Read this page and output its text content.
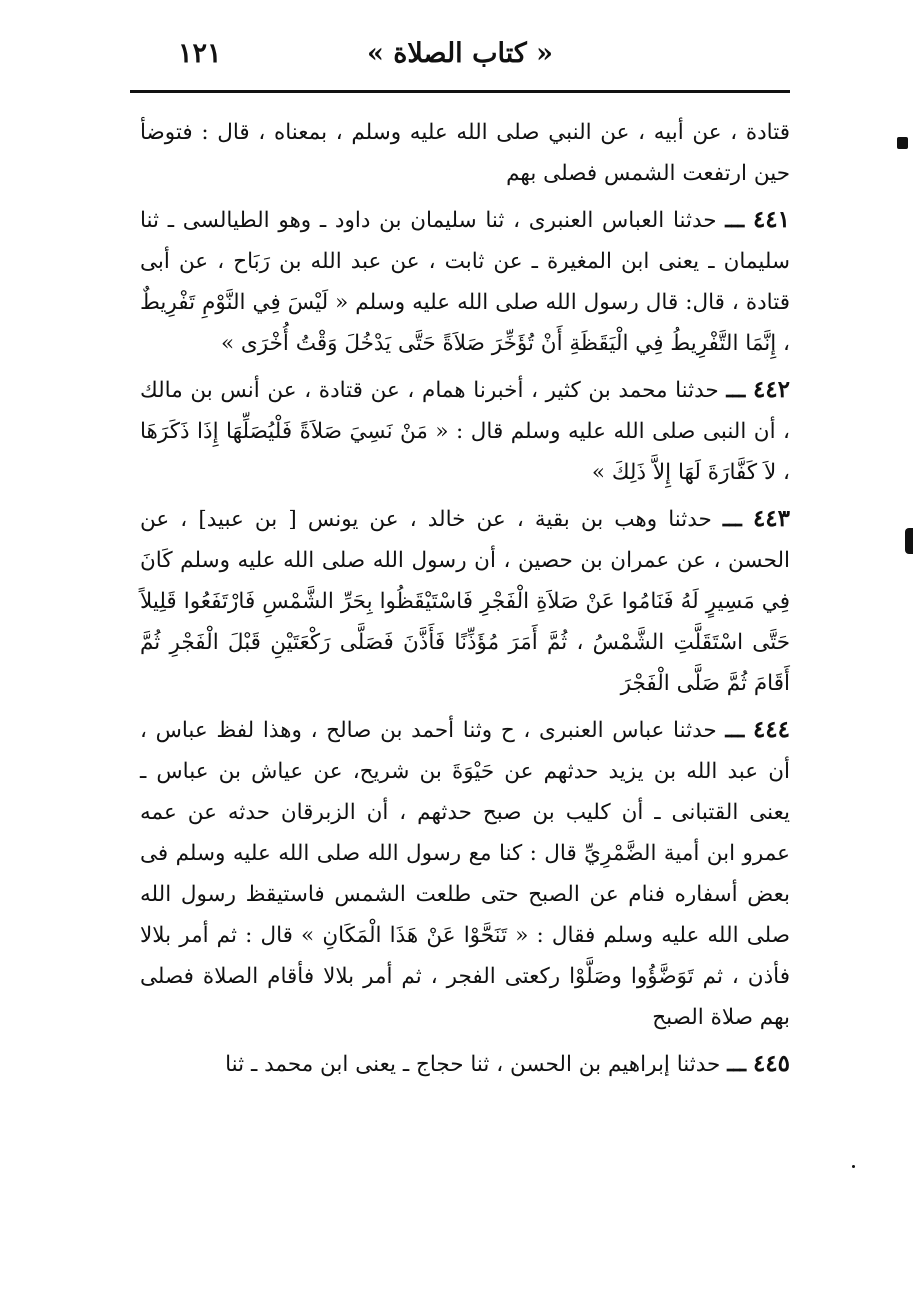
١٢١	« كتاب الصلاة »

قتادة ، عن أبيه ، عن النبي صلى الله عليه وسلم ، بمعناه ، قال : فتوضأ حين ارتفعت الشمس فصلى بهم

٤٤١ ـــ حدثنا العباس العنبرى ، ثنا سليمان بن داود ـ وهو الطيالسى ـ ثنا سليمان ـ يعنى ابن المغيرة ـ عن ثابت ، عن عبد الله بن رَبَاح ، عن أبى قتادة ، قال: قال رسول الله صلى الله عليه وسلم « لَيْسَ فِي النَّوْمِ تَفْرِيطٌ ، إِنَّمَا التَّفْرِيطُ فِي الْيَقَظَةِ أَنْ تُؤَخِّرَ صَلاَةً حَتَّى يَدْخُلَ وَقْتُ أُخْرَى »

٤٤٢ ـــ حدثنا محمد بن كثير ، أخبرنا همام ، عن قتادة ، عن أنس بن مالك ، أن النبى صلى الله عليه وسلم قال : « مَنْ نَسِيَ صَلاَةً فَلْيُصَلِّهَا إِذَا ذَكَرَهَا ، لاَ كَفَّارَةَ لَهَا إِلاَّ ذَلِكَ »

٤٤٣ ـــ حدثنا وهب بن بقية ، عن خالد ، عن يونس [ بن عبيد] ، عن الحسن ، عن عمران بن حصين ، أن رسول الله صلى الله عليه وسلم كَانَ فِي مَسِيرٍ لَهُ فَنَامُوا عَنْ صَلاَةِ الْفَجْرِ فَاسْتَيْقَظُوا بِحَرِّ الشَّمْسِ فَارْتَفَعُوا قَلِيلاً حَتَّى اسْتَقَلَّتِ الشَّمْسُ ، ثُمَّ أَمَرَ مُؤَذِّنًا فَأَذَّنَ فَصَلَّى رَكْعَتَيْنِ قَبْلَ الْفَجْرِ ثُمَّ أَقَامَ ثُمَّ صَلَّى الْفَجْرَ

٤٤٤ ـــ حدثنا عباس العنبرى ، ح وثنا أحمد بن صالح ، وهذا لفظ عباس ، أن عبد الله بن يزيد حدثهم عن حَيْوَةَ بن شريح، عن عياش بن عباس ـ يعنى القتبانى ـ أن كليب بن صبح حدثهم ، أن الزبرقان حدثه عن عمه عمرو ابن أمية الضَّمْرِيِّ قال : كنا مع رسول الله صلى الله عليه وسلم فى بعض أسفاره فنام عن الصبح حتى طلعت الشمس فاستيقظ رسول الله صلى الله عليه وسلم فقال : « تَنَحَّوْا عَنْ هَذَا الْمَكَانِ » قال : ثم أمر بلالا فأذن ، ثم تَوَضَّؤُوا وصَلَّوْا ركعتى الفجر ، ثم أمر بلالا فأقام الصلاة فصلى بهم صلاة الصبح

٤٤٥ ـــ حدثنا إبراهيم بن الحسن ، ثنا حجاج ـ يعنى ابن محمد ـ ثنا
